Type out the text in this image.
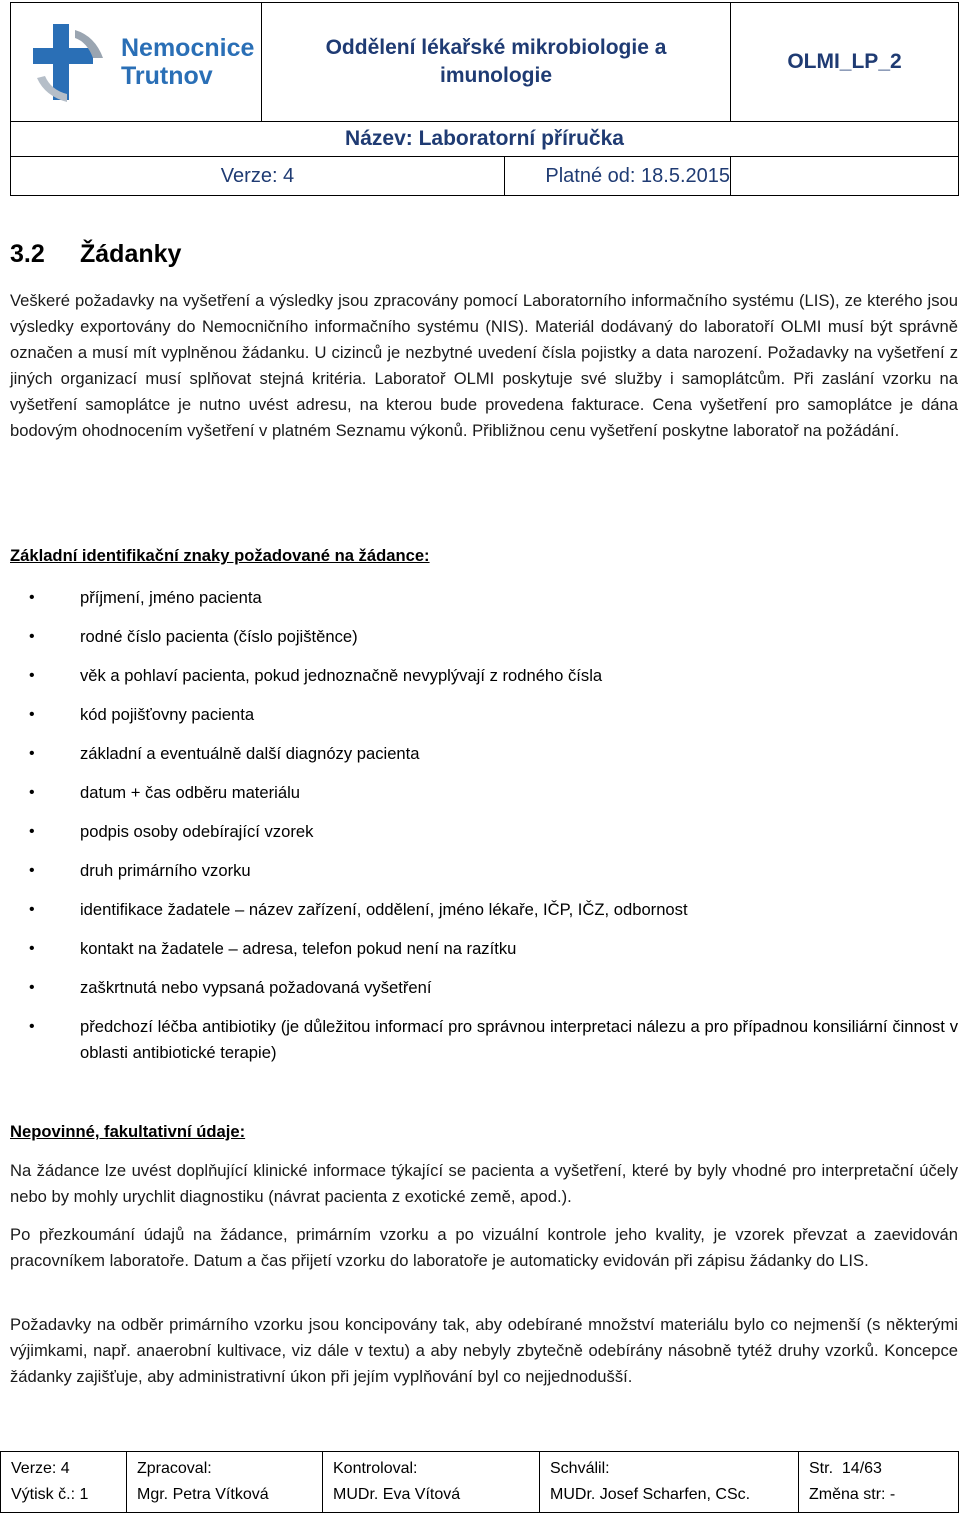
Nemocnice
Trutnov
	Oddělení lékařské mikrobiologie a imunologie	OLMI_LP_2
Název: Laboratorní příručka

Verze: 4	Platné od: 18.5.2015

3.2 Žádanky
Veškeré požadavky na vyšetření a výsledky jsou zpracovány pomocí Laboratorního informačního systému (LIS), ze kterého jsou výsledky exportovány do Nemocničního informačního systému (NIS). Materiál dodávaný do laboratoří OLMI musí být správně označen a musí mít vyplněnou žádanku. U cizinců je nezbytné uvedení čísla pojistky a data narození. Požadavky na vyšetření z jiných organizací musí splňovat stejná kritéria. Laboratoř OLMI poskytuje své služby i samoplátcům. Při zaslání vzorku na vyšetření samoplátce je nutno uvést adresu, na kterou bude provedena fakturace. Cena vyšetření pro samoplátce je dána bodovým ohodnocením vyšetření v platném Seznamu výkonů. Přibližnou cenu vyšetření poskytne laboratoř na požádání.
Základní identifikační znaky požadované na žádance:
• příjmení, jméno pacienta
• rodné číslo pacienta (číslo pojištěnce)
• věk a pohlaví pacienta, pokud jednoznačně nevyplývají z rodného čísla
• kód pojišťovny pacienta
• základní a eventuálně další diagnózy pacienta
• datum + čas odběru materiálu
• podpis osoby odebírající vzorek
• druh primárního vzorku
• identifikace žadatele – název zařízení, oddělení, jméno lékaře, IČP, IČZ, odbornost
• kontakt na žadatele – adresa, telefon pokud není na razítku
• zaškrtnutá nebo vypsaná požadovaná vyšetření
• předchozí léčba antibiotiky (je důležitou informací pro správnou interpretaci nálezu a pro případnou konsiliární činnost v oblasti antibiotické terapie)
Nepovinné, fakultativní údaje:
Na žádance lze uvést doplňující klinické informace týkající se pacienta a vyšetření, které by byly vhodné pro interpretační účely nebo by mohly urychlit diagnostiku (návrat pacienta z exotické země, apod.).
Po přezkoumání údajů na žádance, primárním vzorku a po vizuální kontrole jeho kvality, je vzorek převzat a zaevidován pracovníkem laboratoře. Datum a čas přijetí vzorku do laboratoře je automaticky evidován při zápisu žádanky do LIS.
Požadavky na odběr primárního vzorku jsou koncipovány tak, aby odebírané množství materiálu bylo co nejmenší (s některými výjimkami, např. anaerobní kultivace, viz dále v textu) a aby nebyly zbytečně odebírány násobně tytéž druhy vzorků. Koncepce žádanky zajišťuje, aby administrativní úkon při jejím vyplňování byl co nejjednodušší.
Verze: 4
Výtisk č.: 1

Zpracoval:
Mgr. Petra Vítková

Kontroloval:
MUDr. Eva Vítová

Schválil:
MUDr. Josef Scharfen, CSc.

Str.  14/63
Změna str: -
